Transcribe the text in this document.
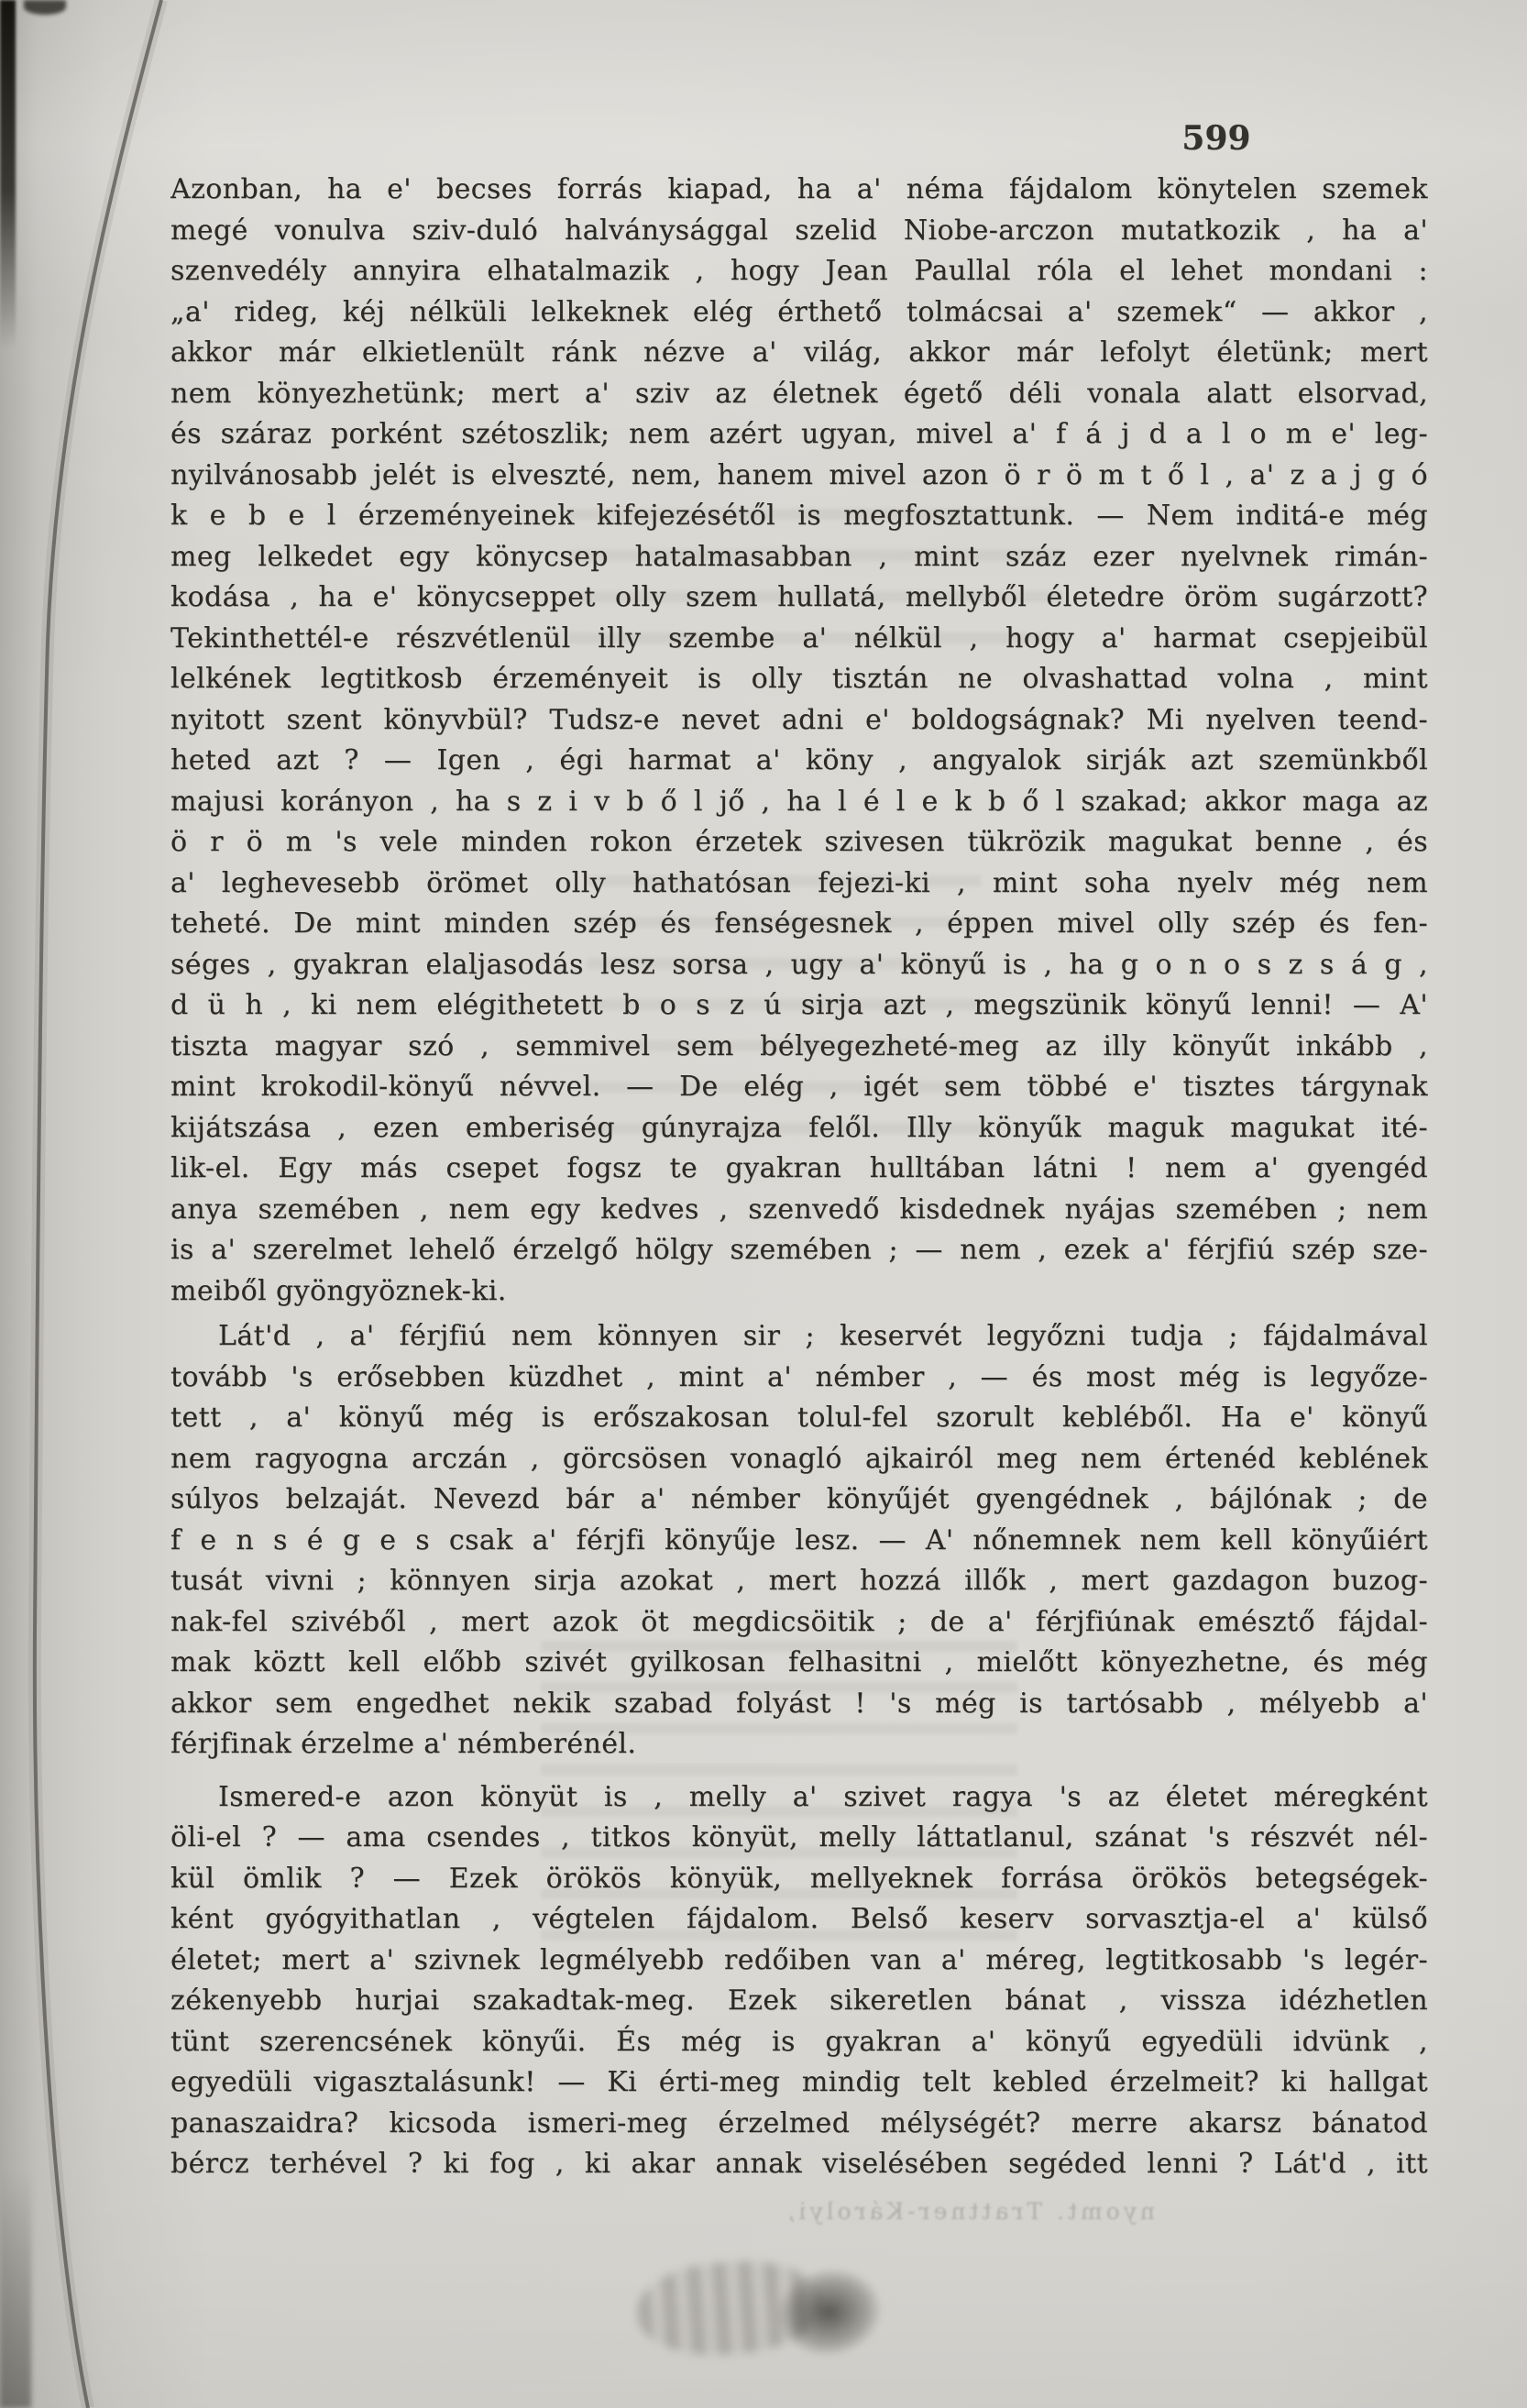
599
Azonban, ha e' becses forrás kiapad, ha a' néma fájdalom könytelen szemek
megé vonulva sziv-duló halványsággal szelid Niobe-arczon mutatkozik , ha a'
szenvedély annyira elhatalmazik , hogy Jean Paullal róla el lehet mondani :
„a' rideg, kéj nélküli lelkeknek elég érthető tolmácsai a' szemek“ — akkor ,
akkor már elkietlenült ránk nézve a' világ, akkor már lefolyt életünk; mert
nem könyezhetünk; mert a' sziv az életnek égető déli vonala alatt elsorvad,
és száraz porként szétoszlik; nem azért ugyan, mivel a' f á j d a l o m e' leg-
nyilvánosabb jelét is elveszté, nem, hanem mivel azon ö r ö m t ő l , a' z a j g ó
k e b e l érzeményeinek kifejezésétől is megfosztattunk. — Nem inditá-e még
meg lelkedet egy könycsep hatalmasabban , mint száz ezer nyelvnek rimán-
kodása , ha e' könycseppet olly szem hullatá, mellyből életedre öröm sugárzott?
Tekinthettél-e részvétlenül illy szembe a' nélkül , hogy a' harmat csepjeibül
lelkének legtitkosb érzeményeit is olly tisztán ne olvashattad volna , mint
nyitott szent könyvbül? Tudsz-e nevet adni e' boldogságnak? Mi nyelven teend-
heted azt ? — Igen , égi harmat a' köny , angyalok sirják azt szemünkből
majusi korányon , ha s z i v b ő l jő , ha l é l e k b ő l szakad; akkor maga az
ö r ö m 's vele minden rokon érzetek szivesen tükrözik magukat benne , és
a' leghevesebb örömet olly hathatósan fejezi-ki , mint soha nyelv még nem
teheté. De mint minden szép és fenségesnek , éppen mivel olly szép és fen-
séges , gyakran elaljasodás lesz sorsa , ugy a' könyű is , ha g o n o s z s á g ,
d ü h , ki nem elégithetett b o s z ú sirja azt , megszünik könyű lenni! — A'
tiszta magyar szó , semmivel sem bélyegezheté-meg az illy könyűt inkább ,
mint krokodil-könyű névvel. — De elég , igét sem többé e' tisztes tárgynak
kijátszása , ezen emberiség gúnyrajza felől. Illy könyűk maguk magukat ité-
lik-el. Egy más csepet fogsz te gyakran hulltában látni ! nem a' gyengéd
anya szemében , nem egy kedves , szenvedő kisdednek nyájas szemében ; nem
is a' szerelmet lehelő érzelgő hölgy szemében ; — nem , ezek a' férjfiú szép sze-
meiből gyöngyöznek-ki.
Lát'd , a' férjfiú nem könnyen sir ; keservét legyőzni tudja ; fájdalmával
tovább 's erősebben küzdhet , mint a' némber , — és most még is legyőze-
tett , a' könyű még is erőszakosan tolul-fel szorult kebléből. Ha e' könyű
nem ragyogna arczán , görcsösen vonagló ajkairól meg nem értenéd keblének
súlyos belzaját. Nevezd bár a' némber könyűjét gyengédnek , bájlónak ; de
f e n s é g e s csak a' férjfi könyűje lesz. — A' nőnemnek nem kell könyűiért
tusát vivni ; könnyen sirja azokat , mert hozzá illők , mert gazdagon buzog-
nak-fel szivéből , mert azok öt megdicsöitik ; de a' férjfiúnak emésztő fájdal-
mak köztt kell előbb szivét gyilkosan felhasitni , mielőtt könyezhetne, és még
akkor sem engedhet nekik szabad folyást ! 's még is tartósabb , mélyebb a'
férjfinak érzelme a' némberénél.
Ismered-e azon könyüt is , melly a' szivet ragya 's az életet méregként
öli-el ? — ama csendes , titkos könyüt, melly láttatlanul, szánat 's részvét nél-
kül ömlik ? — Ezek örökös könyük, mellyeknek forrása örökös betegségek-
ként gyógyithatlan , végtelen fájdalom. Belső keserv sorvasztja-el a' külső
életet; mert a' szivnek legmélyebb redőiben van a' méreg, legtitkosabb 's legér-
zékenyebb hurjai szakadtak-meg. Ezek sikeretlen bánat , vissza idézhetlen
tünt szerencsének könyűi. És még is gyakran a' könyű egyedüli idvünk ,
egyedüli vigasztalásunk! — Ki érti-meg mindig telt kebled érzelmeit? ki hallgat
panaszaidra? kicsoda ismeri-meg érzelmed mélységét? merre akarsz bánatod
bércz terhével ? ki fog , ki akar annak viselésében segéded lenni ? Lát'd , itt
nyomt. Trattner-Károlyi,
